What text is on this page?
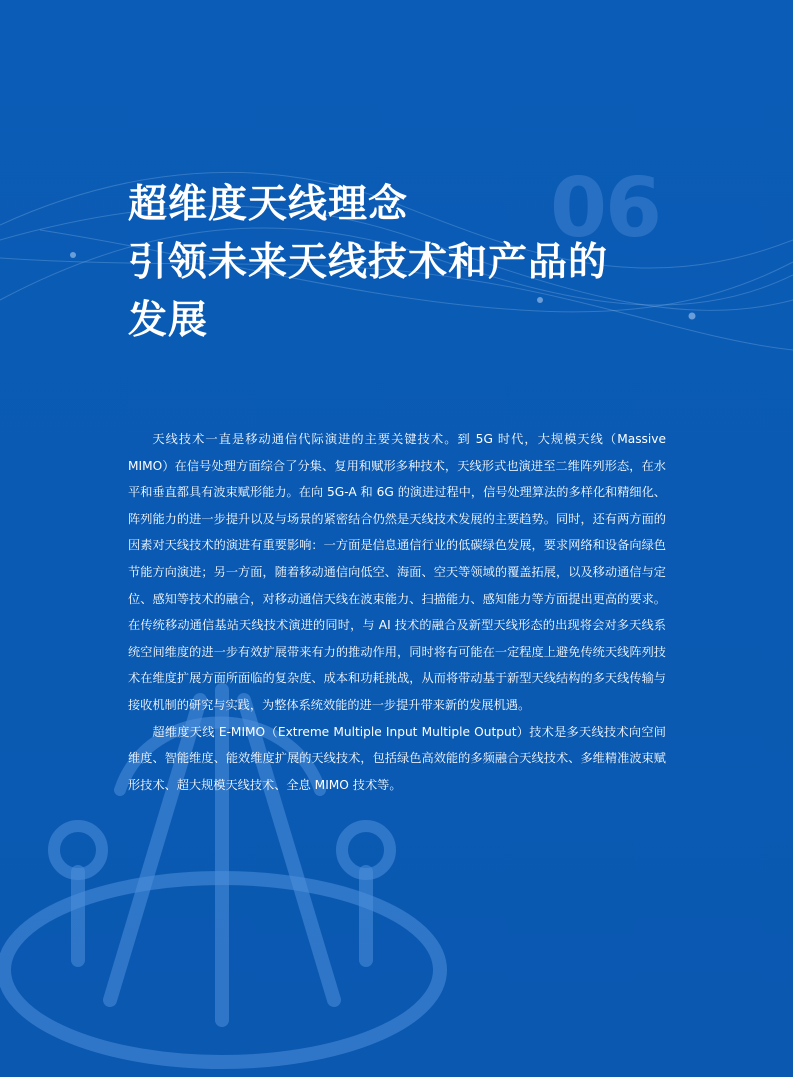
06
超维度天线理念
引领未来天线技术和产品的
发展

天线技术一直是移动通信代际演进的主要关键技术。到 5G 时代，大规模天线（Massive MIMO）在信号处理方面综合了分集、复用和赋形多种技术，天线形式也演进至二维阵列形态，在水平和垂直都具有波束赋形能力。在向 5G-A 和 6G 的演进过程中，信号处理算法的多样化和精细化、阵列能力的进一步提升以及与场景的紧密结合仍然是天线技术发展的主要趋势。同时，还有两方面的因素对天线技术的演进有重要影响：一方面是信息通信行业的低碳绿色发展，要求网络和设备向绿色节能方向演进；另一方面，随着移动通信向低空、海面、空天等领域的覆盖拓展，以及移动通信与定位、感知等技术的融合，对移动通信天线在波束能力、扫描能力、感知能力等方面提出更高的要求。在传统移动通信基站天线技术演进的同时，与 AI 技术的融合及新型天线形态的出现将会对多天线系统空间维度的进一步有效扩展带来有力的推动作用，同时将有可能在一定程度上避免传统天线阵列技术在维度扩展方面所面临的复杂度、成本和功耗挑战，从而将带动基于新型天线结构的多天线传输与接收机制的研究与实践，为整体系统效能的进一步提升带来新的发展机遇。

超维度天线 E-MIMO（Extreme Multiple Input Multiple Output）技术是多天线技术向空间维度、智能维度、能效维度扩展的天线技术，包括绿色高效能的多频融合天线技术、多维精准波束赋形技术、超大规模天线技术、全息 MIMO 技术等。
